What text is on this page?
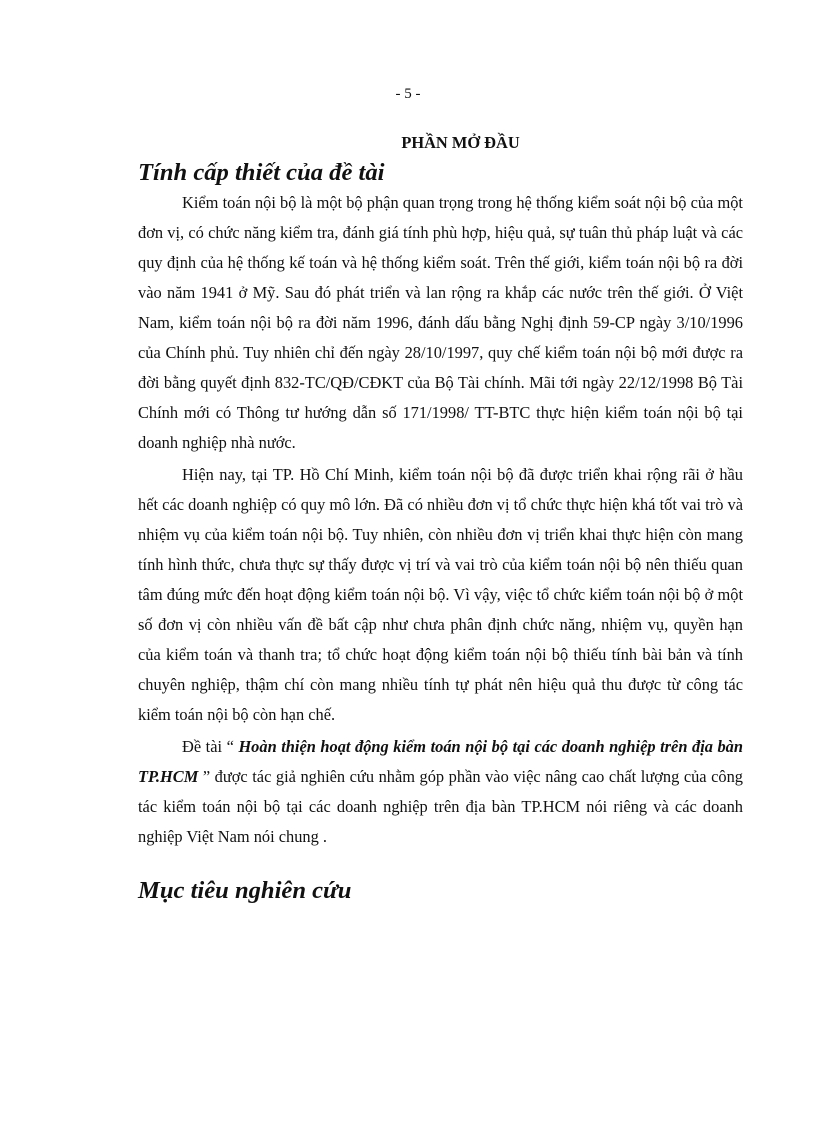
- 5 -
PHẦN MỞ ĐẦU
Tính cấp thiết của đề tài

Kiểm toán nội bộ là một bộ phận quan trọng trong hệ thống kiểm soát nội bộ của một đơn vị, có chức năng kiểm tra, đánh giá tính phù hợp, hiệu quả, sự tuân thủ pháp luật và các quy định của hệ thống kế toán và hệ thống kiểm soát. Trên thế giới, kiểm toán nội bộ ra đời vào năm 1941 ở Mỹ. Sau đó phát triển và lan rộng ra khắp các nước trên thế giới. Ở Việt Nam, kiểm toán nội bộ ra đời năm 1996, đánh dấu bằng Nghị định 59-CP ngày 3/10/1996 của Chính phủ. Tuy nhiên chỉ đến ngày 28/10/1997, quy chế kiểm toán nội bộ mới được ra đời bằng quyết định 832-TC/QĐ/CĐKT của Bộ Tài chính. Mãi tới ngày 22/12/1998 Bộ Tài Chính mới có Thông tư hướng dẫn số 171/1998/ TT-BTC thực hiện kiểm toán nội bộ tại doanh nghiệp nhà nước.

Hiện nay, tại TP. Hồ Chí Minh, kiểm toán nội bộ đã được triển khai rộng rãi ở hầu hết các doanh nghiệp có quy mô lớn. Đã có nhiều đơn vị tổ chức thực hiện khá tốt vai trò và nhiệm vụ của kiểm toán nội bộ. Tuy nhiên, còn nhiều đơn vị triển khai thực hiện còn mang tính hình thức, chưa thực sự thấy được vị trí và vai trò của kiểm toán nội bộ nên thiếu quan tâm đúng mức đến hoạt động kiểm toán nội bộ. Vì vậy, việc tổ chức kiểm toán nội bộ ở một số đơn vị còn nhiều vấn đề bất cập như chưa phân định chức năng, nhiệm vụ, quyền hạn của kiểm toán và thanh tra; tổ chức hoạt động kiểm toán nội bộ thiếu tính bài bản và tính chuyên nghiệp, thậm chí còn mang nhiều tính tự phát nên hiệu quả thu được từ công tác kiểm toán nội bộ còn hạn chế.

Đề tài “ Hoàn thiện hoạt động kiểm toán nội bộ tại các doanh nghiệp trên địa bàn TP.HCM ” được tác giả nghiên cứu nhằm góp phần vào việc nâng cao chất lượng của công tác kiểm toán nội bộ tại các doanh nghiệp trên địa bàn TP.HCM nói riêng và các doanh nghiệp Việt Nam nói chung .

Mục tiêu nghiên cứu
